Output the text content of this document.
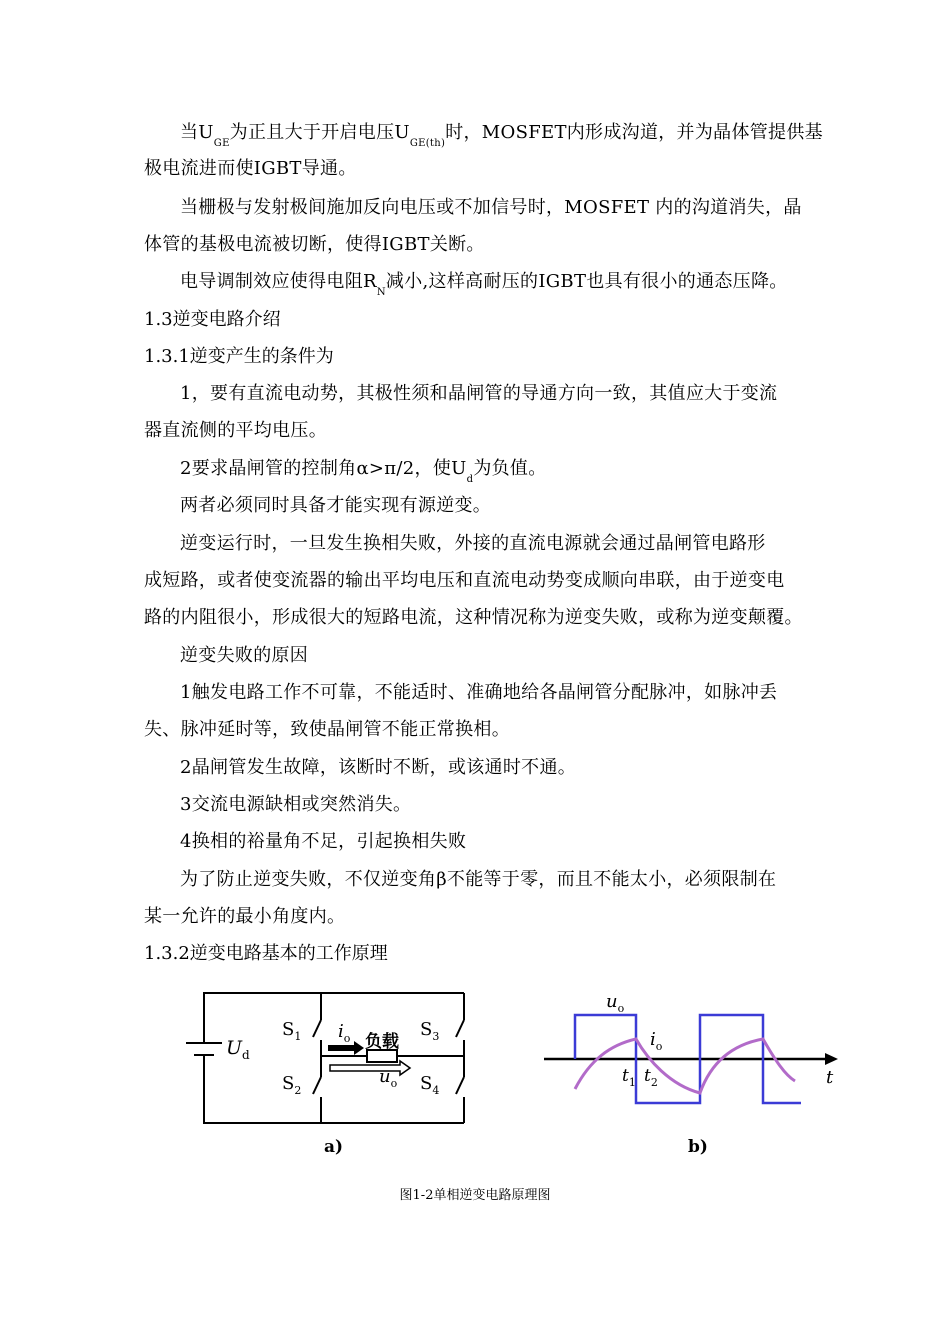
当$U_{GE}$为正且大于开启电压$U_{GE(th)}$时，MOSFET内形成沟道，并为晶体管提供基
极电流进而使IGBT导通。
当栅极与发射极间施加反向电压或不加信号时，MOSFET 内的沟道消失，晶
体管的基极电流被切断，使得IGBT关断。
电导调制效应使得电阻$R_N$减小,这样高耐压的IGBT也具有很小的通态压降。
1.3逆变电路介绍
1.3.1逆变产生的条件为
1，要有直流电动势，其极性须和晶闸管的导通方向一致，其值应大于变流
器直流侧的平均电压。
2要求晶闸管的控制角α>π/2，使$U_d$为负值。
两者必须同时具备才能实现有源逆变。
逆变运行时，一旦发生换相失败，外接的直流电源就会通过晶闸管电路形
成短路，或者使变流器的输出平均电压和直流电动势变成顺向串联，由于逆变电
路的内阻很小，形成很大的短路电流，这种情况称为逆变失败，或称为逆变颠覆。
逆变失败的原因
1触发电路工作不可靠，不能适时、准确地给各晶闸管分配脉冲，如脉冲丢
失、脉冲延时等，致使晶闸管不能正常换相。
2晶闸管发生故障，该断时不断，或该通时不通。
3交流电源缺相或突然消失。
4换相的裕量角不足，引起换相失败
为了防止逆变失败，不仅逆变角β不能等于零，而且不能太小，必须限制在
某一允许的最小角度内。
1.3.2逆变电路基本的工作原理
$U_d$
$S_1$
$S_2$
$S_3$
$S_4$
$i_o$ 负载
$u_o$
a)
$u_o$
$i_o$
$t_1$ $t_2$	t
b)
图1-2单相逆变电路原理图
